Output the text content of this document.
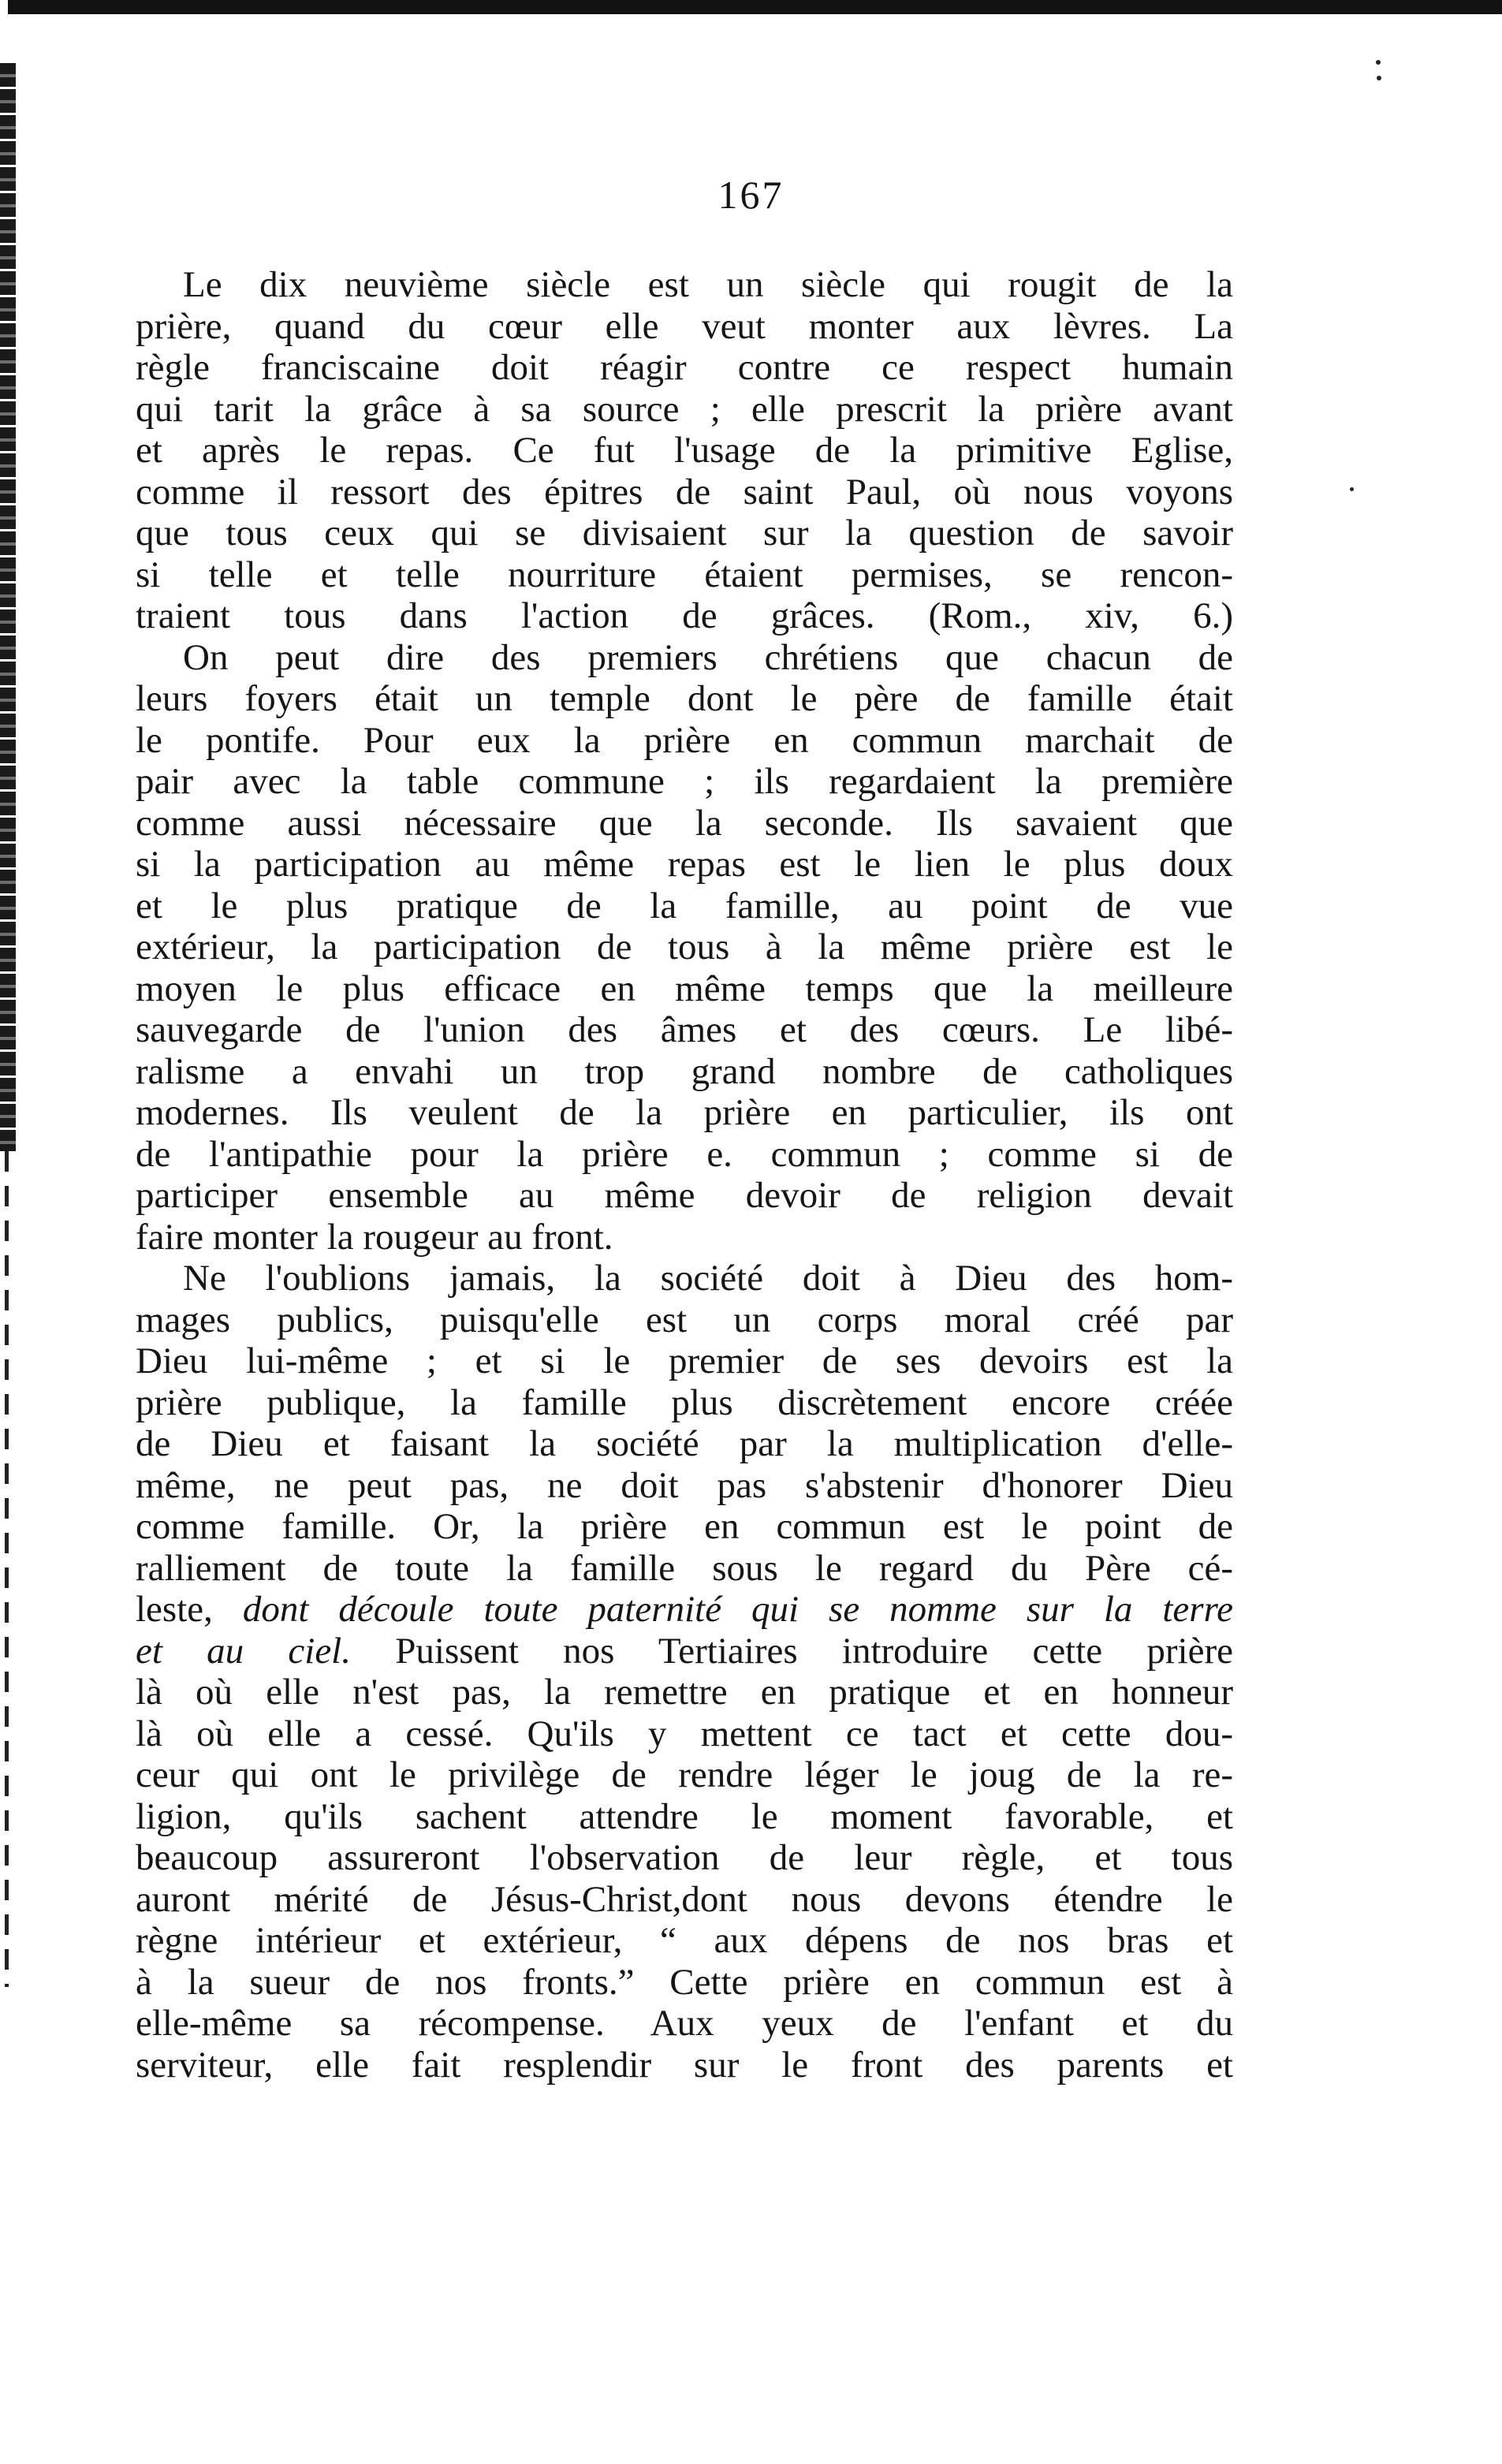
167
Le dix neuvième siècle est un siècle qui rougit de la
prière, quand du cœur elle veut monter aux lèvres. La
règle franciscaine doit réagir contre ce respect humain
qui tarit la grâce à sa source ; elle prescrit la prière avant
et après le repas. Ce fut l'usage de la primitive Eglise,
comme il ressort des épitres de saint Paul, où nous voyons
que tous ceux qui se divisaient sur la question de savoir
si telle et telle nourriture étaient permises, se rencon-
traient tous dans l'action de grâces. (Rom., xiv, 6.)
On peut dire des premiers chrétiens que chacun de
leurs foyers était un temple dont le père de famille était
le pontife. Pour eux la prière en commun marchait de
pair avec la table commune ; ils regardaient la première
comme aussi nécessaire que la seconde. Ils savaient que
si la participation au même repas est le lien le plus doux
et le plus pratique de la famille, au point de vue
extérieur, la participation de tous à la même prière est le
moyen le plus efficace en même temps que la meilleure
sauvegarde de l'union des âmes et des cœurs. Le libé-
ralisme a envahi un trop grand nombre de catholiques
modernes. Ils veulent de la prière en particulier, ils ont
de l'antipathie pour la prière e. commun ; comme si de
participer ensemble au même devoir de religion devait
faire monter la rougeur au front.
Ne l'oublions jamais, la société doit à Dieu des hom-
mages publics, puisqu'elle est un corps moral créé par
Dieu lui-même ; et si le premier de ses devoirs est la
prière publique, la famille plus discrètement encore créée
de Dieu et faisant la société par la multiplication d'elle-
même, ne peut pas, ne doit pas s'abstenir d'honorer Dieu
comme famille. Or, la prière en commun est le point de
ralliement de toute la famille sous le regard du Père cé-
leste, dont découle toute paternité qui se nomme sur la terre
et au ciel. Puissent nos Tertiaires introduire cette prière
là où elle n'est pas, la remettre en pratique et en honneur
là où elle a cessé. Qu'ils y mettent ce tact et cette dou-
ceur qui ont le privilège de rendre léger le joug de la re-
ligion, qu'ils sachent attendre le moment favorable, et
beaucoup assureront l'observation de leur règle, et tous
auront mérité de Jésus-Christ,dont nous devons étendre le
règne intérieur et extérieur, “ aux dépens de nos bras et
à la sueur de nos fronts.” Cette prière en commun est à
elle-même sa récompense. Aux yeux de l'enfant et du
serviteur, elle fait resplendir sur le front des parents et
